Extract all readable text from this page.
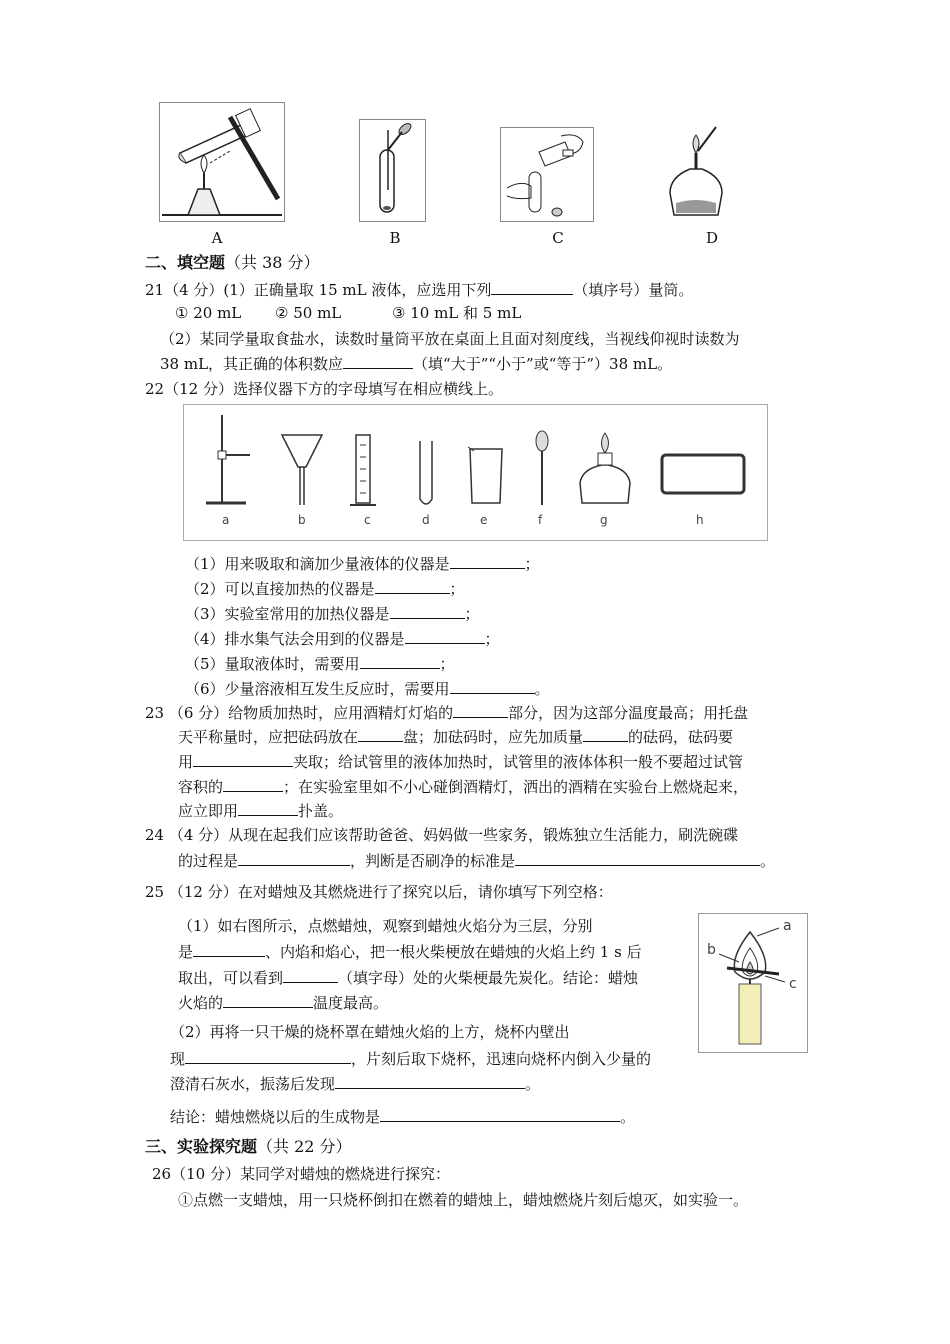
A	B	C	D
二、填空题（共 38 分）
21（4 分）(1）正确量取 15 mL 液体，应选用下列	（填序号）量筒。
① 20 mL ② 50 mL	③ 10 mL 和 5 mL
（2）某同学量取食盐水，读数时量筒平放在桌面上且面对刻度线，当视线仰视时读数为
38 mL，其正确的体积数应	（填“大于”“小于”或“等于”）38 mL。
22（12 分）选择仪器下方的字母填写在相应横线上。
a	b	c	d	e	f	g	h
（1）用来吸取和滴加少量液体的仪器是	；
（2）可以直接加热的仪器是	；
（3）实验室常用的加热仪器是	；
（4）排水集气法会用到的仪器是	；
（5）量取液体时，需要用	；
（6）少量溶液相互发生反应时，需要用	。
23 （6 分）给物质加热时，应用酒精灯灯焰的	部分，因为这部分温度最高；用托盘
天平称量时，应把砝码放在	盘；加砝码时，应先加质量	的砝码，砝码要
用	夹取；给试管里的液体加热时，试管里的液体体积一般不要超过试管
容积的	；在实验室里如不小心碰倒酒精灯，洒出的酒精在实验台上燃烧起来，
应立即用	扑盖。
24 （4 分）从现在起我们应该帮助爸爸、妈妈做一些家务，锻炼独立生活能力，刷洗碗碟
的过程是	，判断是否刷净的标准是	。
25 （12 分）在对蜡烛及其燃烧进行了探究以后，请你填写下列空格：
（1）如右图所示，点燃蜡烛，观察到蜡烛火焰分为三层，分别
是	、内焰和焰心，把一根火柴梗放在蜡烛的火焰上约 1 s 后
取出，可以看到	（填字母）处的火柴梗最先炭化。结论：蜡烛
火焰的	温度最高。
（2）再将一只干燥的烧杯罩在蜡烛火焰的上方，烧杯内壁出
现	，片刻后取下烧杯，迅速向烧杯内倒入少量的
澄清石灰水，振荡后发现	。
结论：蜡烛燃烧以后的生成物是	。
a
b
c
三、实验探究题（共 22 分）
26（10 分）某同学对蜡烛的燃烧进行探究：
①点燃一支蜡烛，用一只烧杯倒扣在燃着的蜡烛上，蜡烛燃烧片刻后熄灭，如实验一。
